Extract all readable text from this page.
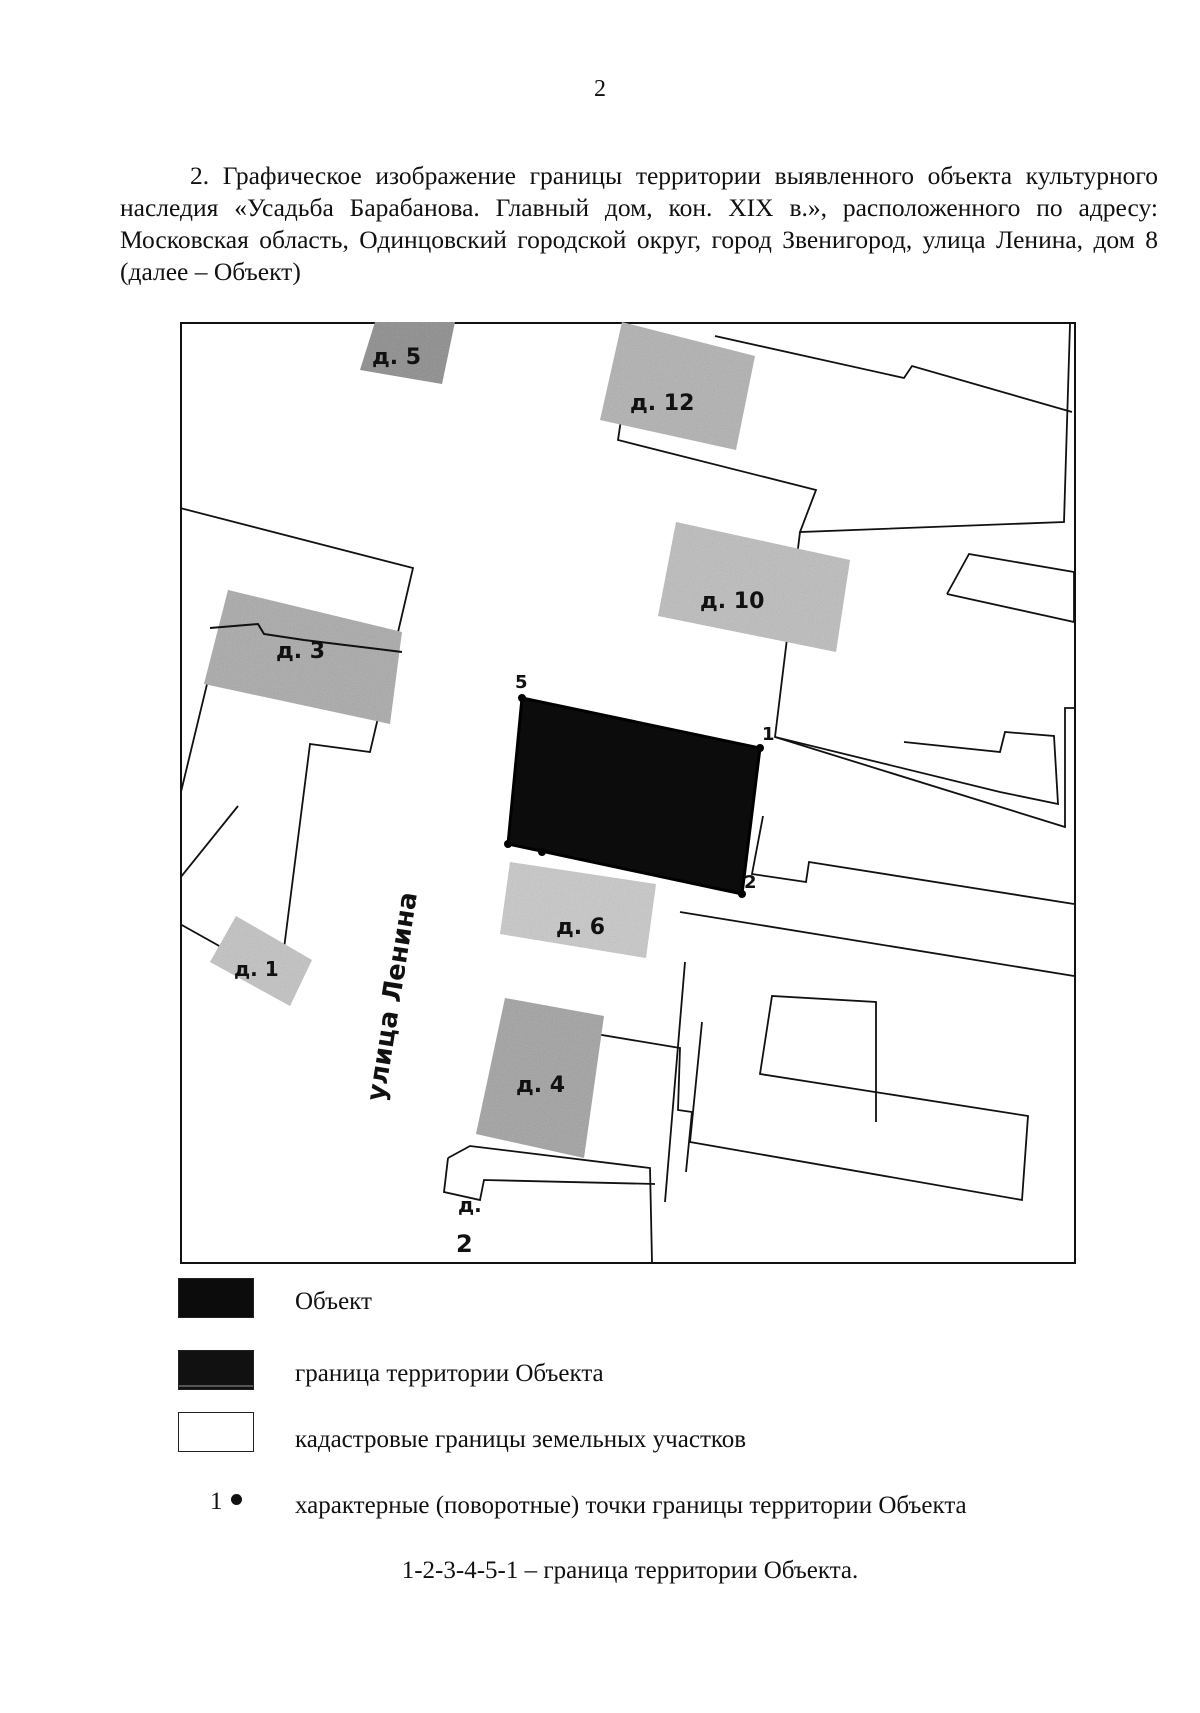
2
2. Графическое изображение границы территории выявленного объекта культурного наследия «Усадьба Барабанова. Главный дом, кон. XIX в.», расположенного по адресу: Московская область, Одинцовский городской округ, город Звенигород, улица Ленина, дом 8 (далее – Объект)
д. 5
д. 12
д. 3
д. 10
д. 6
д. 1
д. 4
1
2
5
улица Ленина
д.
2
Объект
граница территории Объекта
кадастровые границы земельных участков
1	характерные (поворотные) точки границы территории Объекта
1-2-3-4-5-1 – граница территории Объекта.
